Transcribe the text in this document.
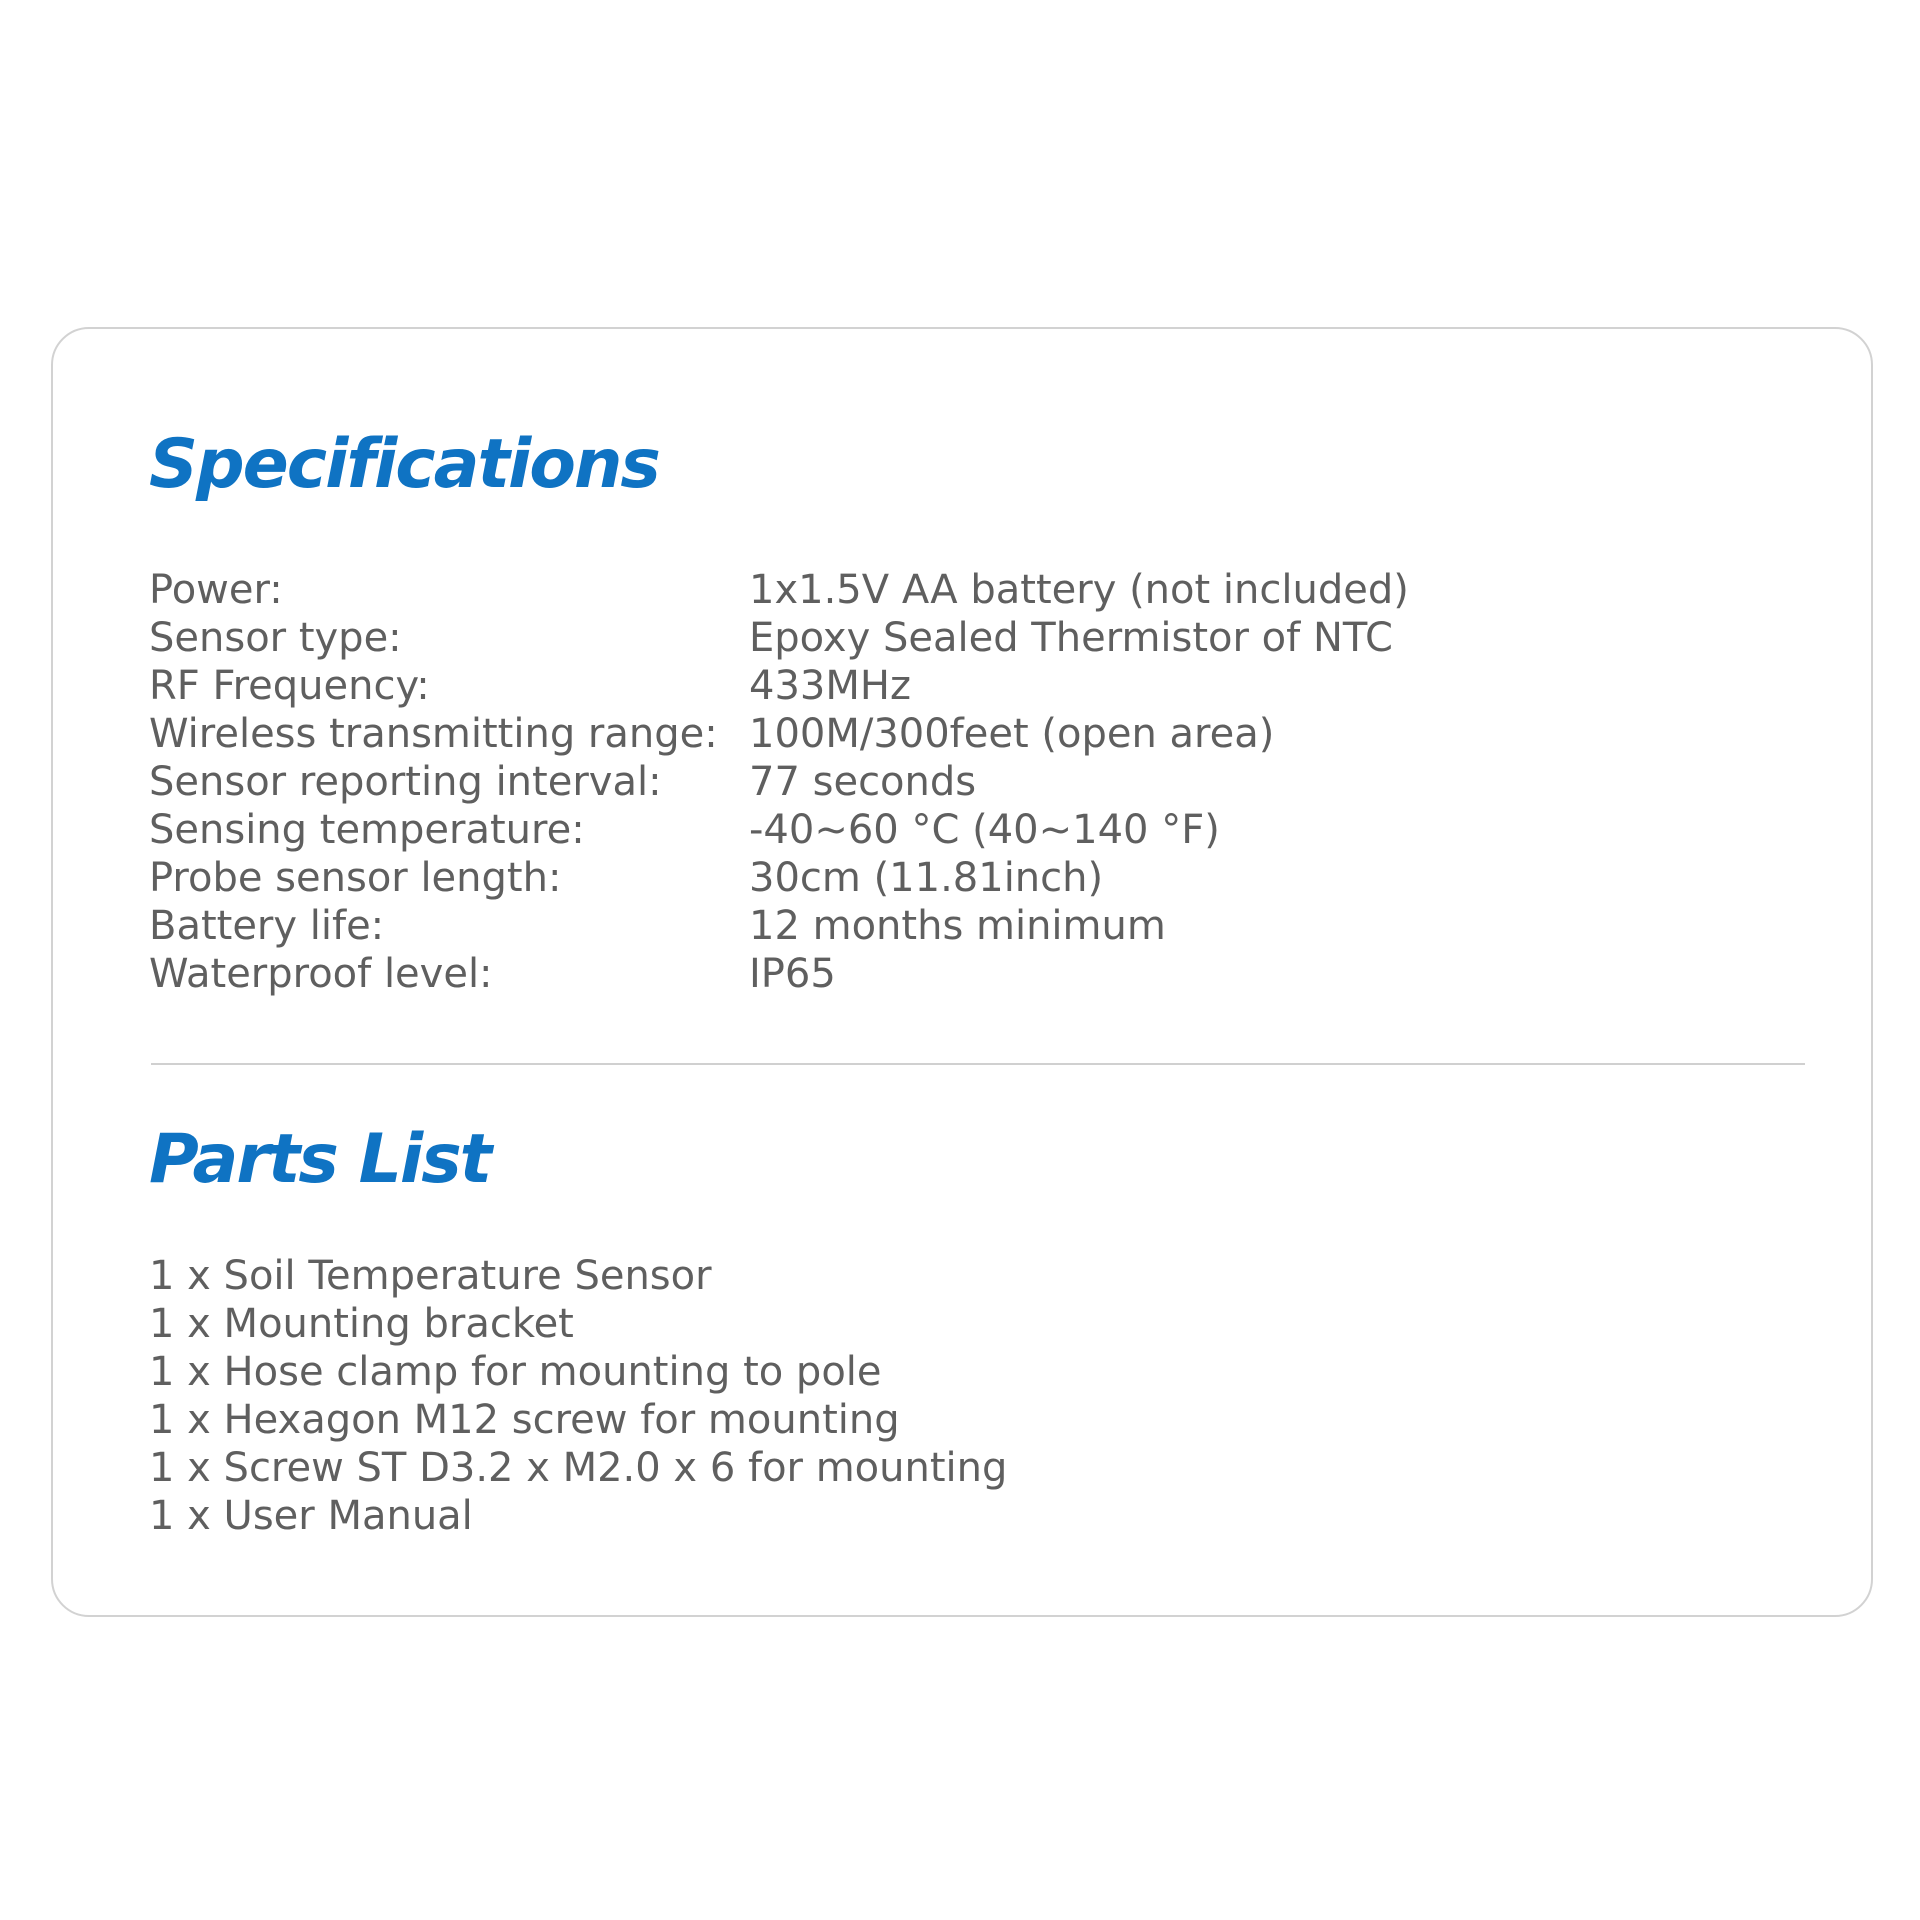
Specifications
Power:	1x1.5V AA battery (not included)
Sensor type:	Epoxy Sealed Thermistor of NTC
RF Frequency:	433MHz
Wireless transmitting range: 100M/300feet (open area)
Sensor reporting interval: 77 seconds
Sensing temperature:	-40~60 °C (40~140 °F)
Probe sensor length:	30cm (11.81inch)
Battery life:	12 months minimum
Waterproof level:	IP65
Parts List
1 x Soil Temperature Sensor
1 x Mounting bracket
1 x Hose clamp for mounting to pole
1 x Hexagon M12 screw for mounting
1 x Screw ST D3.2 x M2.0 x 6 for mounting
1 x User Manual
